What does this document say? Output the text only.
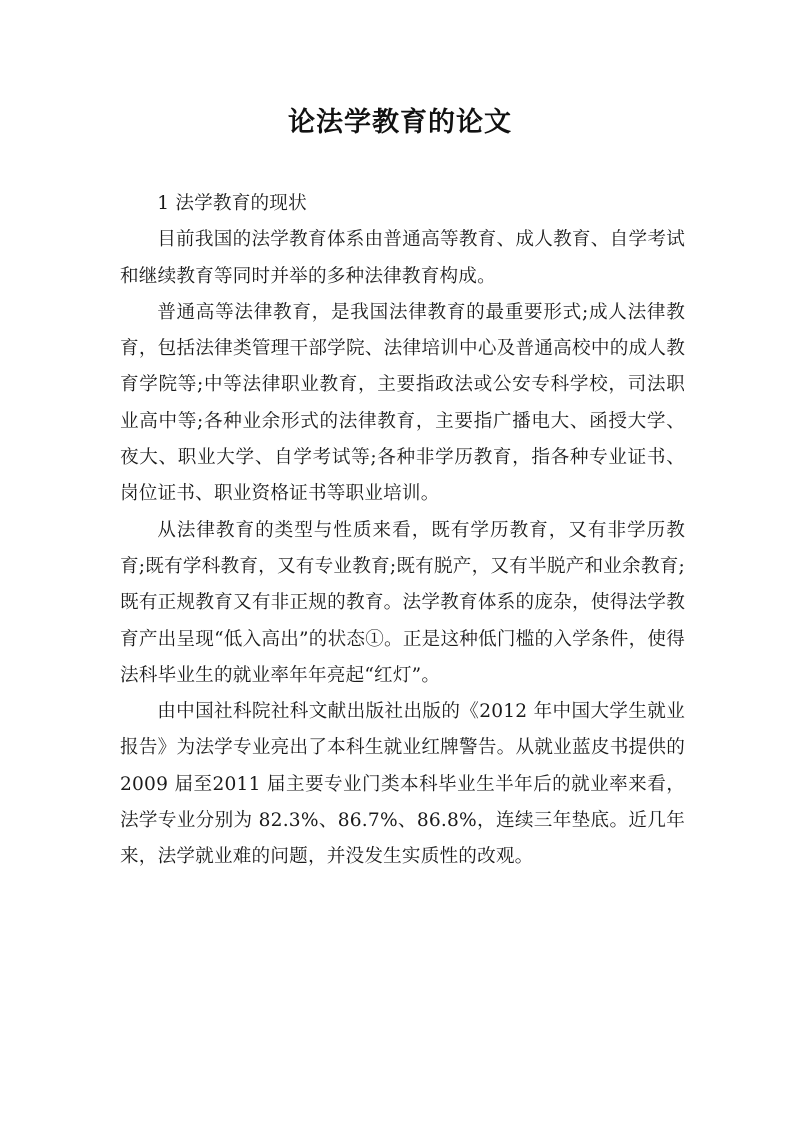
论法学教育的论文

1 法学教育的现状

目前我国的法学教育体系由普通高等教育、成人教育、自学考试和继续教育等同时并举的多种法律教育构成。

普通高等法律教育，是我国法律教育的最重要形式;成人法律教育，包括法律类管理干部学院、法律培训中心及普通高校中的成人教育学院等;中等法律职业教育，主要指政法或公安专科学校，司法职业高中等;各种业余形式的法律教育，主要指广播电大、函授大学、夜大、职业大学、自学考试等;各种非学历教育，指各种专业证书、岗位证书、职业资格证书等职业培训。

从法律教育的类型与性质来看，既有学历教育，又有非学历教育;既有学科教育，又有专业教育;既有脱产，又有半脱产和业余教育;既有正规教育又有非正规的教育。法学教育体系的庞杂，使得法学教育产出呈现“低入高出”的状态①。正是这种低门槛的入学条件，使得法科毕业生的就业率年年亮起“红灯”。

由中国社科院社科文献出版社出版的《2012 年中国大学生就业报告》为法学专业亮出了本科生就业红牌警告。从就业蓝皮书提供的2009 届至2011 届主要专业门类本科毕业生半年后的就业率来看，法学专业分别为 82.3%、86.7%、86.8%，连续三年垫底。近几年来，法学就业难的问题，并没发生实质性的改观。
